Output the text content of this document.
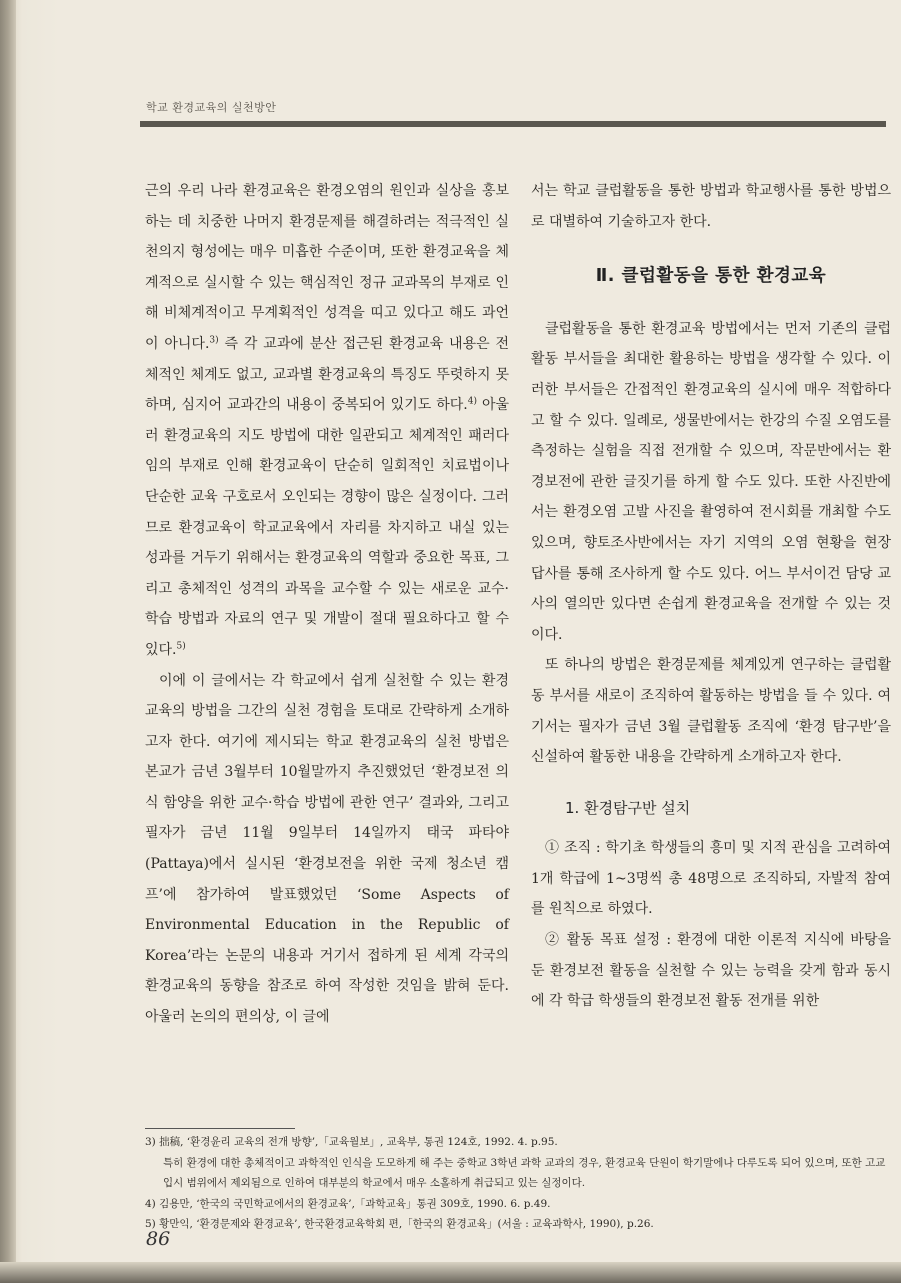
학교 환경교육의 실천방안

근의 우리 나라 환경교육은 환경오염의 원인과 실상을 홍보하는 데 치중한 나머지 환경문제를 해결하려는 적극적인 실천의지 형성에는 매우 미흡한 수준이며, 또한 환경교육을 체계적으로 실시할 수 있는 핵심적인 정규 교과목의 부재로 인해 비체계적이고 무계획적인 성격을 띠고 있다고 해도 과언이 아니다.$^{3)}$ 즉 각 교과에 분산 접근된 환경교육 내용은 전체적인 체계도 없고, 교과별 환경교육의 특징도 뚜렷하지 못하며, 심지어 교과간의 내용이 중복되어 있기도 하다.$^{4)}$ 아울러 환경교육의 지도 방법에 대한 일관되고 체계적인 패러다임의 부재로 인해 환경교육이 단순히 일회적인 치료법이나 단순한 교육 구호로서 오인되는 경향이 많은 실정이다. 그러므로 환경교육이 학교교육에서 자리를 차지하고 내실 있는 성과를 거두기 위해서는 환경교육의 역할과 중요한 목표, 그리고 총체적인 성격의 과목을 교수할 수 있는 새로운 교수·학습 방법과 자료의 연구 및 개발이 절대 필요하다고 할 수 있다.$^{5)}$

이에 이 글에서는 각 학교에서 쉽게 실천할 수 있는 환경교육의 방법을 그간의 실천 경험을 토대로 간략하게 소개하고자 한다. 여기에 제시되는 학교 환경교육의 실천 방법은 본교가 금년 3월부터 10월말까지 추진했었던 ‘환경보전 의식 함양을 위한 교수·학습 방법에 관한 연구’ 결과와, 그리고 필자가 금년 11월 9일부터 14일까지 태국 파타야(Pattaya)에서 실시된 ‘환경보전을 위한 국제 청소년 캠프’에 참가하여 발표했었던 ‘Some Aspects of Environmental Education in the Republic of Korea’라는 논문의 내용과 거기서 접하게 된 세계 각국의 환경교육의 동향을 참조로 하여 작성한 것임을 밝혀 둔다. 아울러 논의의 편의상, 이 글에

서는 학교 클럽활동을 통한 방법과 학교행사를 통한 방법으로 대별하여 기술하고자 한다.

Ⅱ. 클럽활동을 통한 환경교육

클럽활동을 통한 환경교육 방법에서는 먼저 기존의 클럽활동 부서들을 최대한 활용하는 방법을 생각할 수 있다. 이러한 부서들은 간접적인 환경교육의 실시에 매우 적합하다고 할 수 있다. 일례로, 생물반에서는 한강의 수질 오염도를 측정하는 실험을 직접 전개할 수 있으며, 작문반에서는 환경보전에 관한 글짓기를 하게 할 수도 있다. 또한 사진반에서는 환경오염 고발 사진을 촬영하여 전시회를 개최할 수도 있으며, 향토조사반에서는 자기 지역의 오염 현황을 현장 답사를 통해 조사하게 할 수도 있다. 어느 부서이건 담당 교사의 열의만 있다면 손쉽게 환경교육을 전개할 수 있는 것이다.

또 하나의 방법은 환경문제를 체계있게 연구하는 클럽활동 부서를 새로이 조직하여 활동하는 방법을 들 수 있다. 여기서는 필자가 금년 3월 클럽활동 조직에 ‘환경 탐구반’을 신설하여 활동한 내용을 간략하게 소개하고자 한다.

1. 환경탐구반 설치

① 조직 : 학기초 학생들의 흥미 및 지적 관심을 고려하여 1개 학급에 1~3명씩 총 48명으로 조직하되, 자발적 참여를 원칙으로 하였다.

② 활동 목표 설정 : 환경에 대한 이론적 지식에 바탕을 둔 환경보전 활동을 실천할 수 있는 능력을 갖게 함과 동시에 각 학급 학생들의 환경보전 활동 전개를 위한

3) 拙稿, ‘환경윤리 교육의 전개 방향’,「교육월보」, 교육부, 통권 124호, 1992. 4. p.95.

특히 환경에 대한 총체적이고 과학적인 인식을 도모하게 해 주는 중학교 3학년 과학 교과의 경우, 환경교육 단원이 학기말에나 다루도록 되어 있으며, 또한 고교 입시 범위에서 제외됨으로 인하여 대부분의 학교에서 매우 소홀하게 취급되고 있는 실정이다.

4) 김용만, ‘한국의 국민학교에서의 환경교육’,「과학교육」통권 309호, 1990. 6. p.49.

5) 황만익, ‘환경문제와 환경교육’, 한국환경교육학회 편,「한국의 환경교육」(서울 : 교육과학사, 1990), p.26.

86
